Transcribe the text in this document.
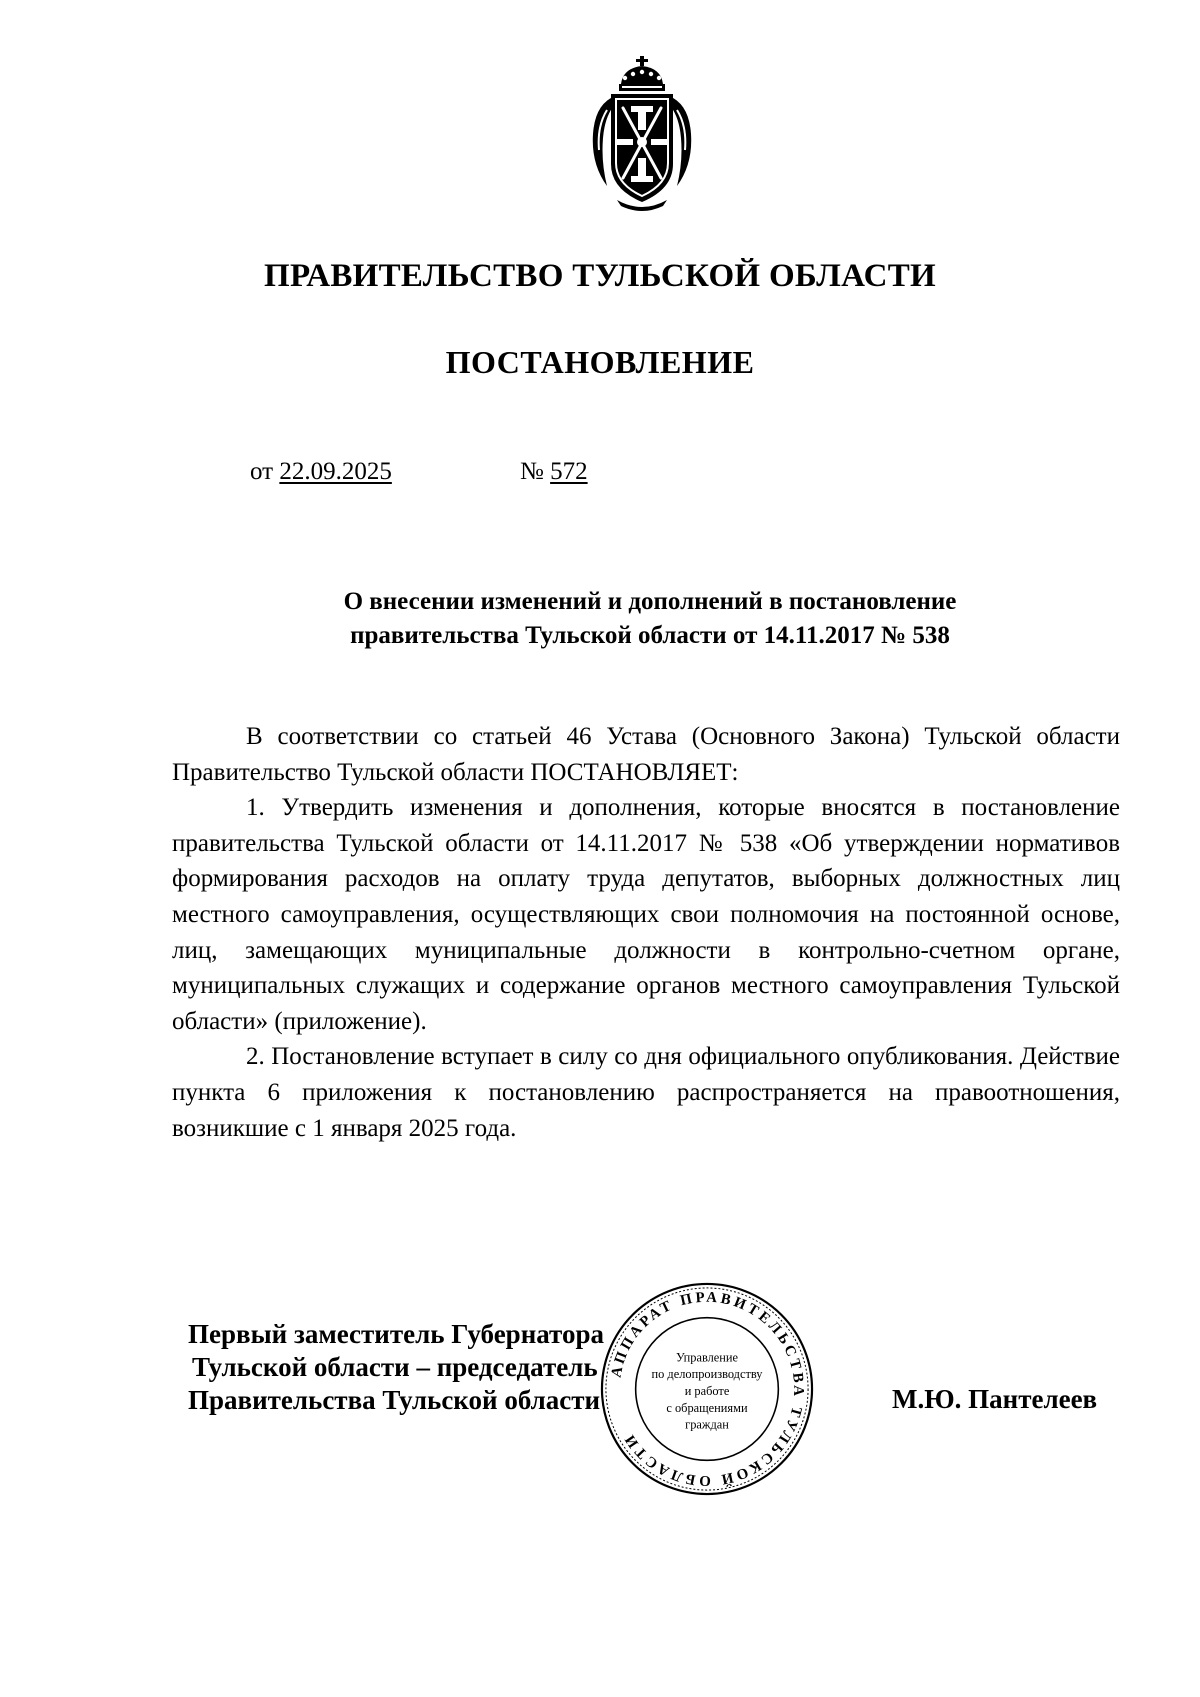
ПРАВИТЕЛЬСТВО ТУЛЬСКОЙ ОБЛАСТИ
ПОСТАНОВЛЕНИЕ
от 22.09.2025	№ 572
О внесении изменений и дополнений в постановление
правительства Тульской области от 14.11.2017 № 538

В соответствии со статьей 46 Устава (Основного Закона) Тульской области Правительство Тульской области ПОСТАНОВЛЯЕТ:

1. Утвердить изменения и дополнения, которые вносятся в постановление правительства Тульской области от 14.11.2017 № 538 «Об утверждении нормативов формирования расходов на оплату труда депутатов, выборных должностных лиц местного самоуправления, осуществляющих свои полномочия на постоянной основе, лиц, замещающих муниципальные должности в контрольно-счетном органе, муниципальных служащих и содержание органов местного самоуправления Тульской области» (приложение).

2. Постановление вступает в силу со дня официального опубликования. Действие пункта 6 приложения к постановлению распространяется на правоотношения, возникшие с 1 января 2025 года.

Первый заместитель Губернатора
Тульской области – председатель
Правительства Тульской области
АППАРАТ ПРАВИТЕЛЬСТВА ТУЛЬСКОЙ ОБЛАСТИ
Управление
по делопроизводству
и работе
с обращениями
граждан
М.Ю. Пантелеев
